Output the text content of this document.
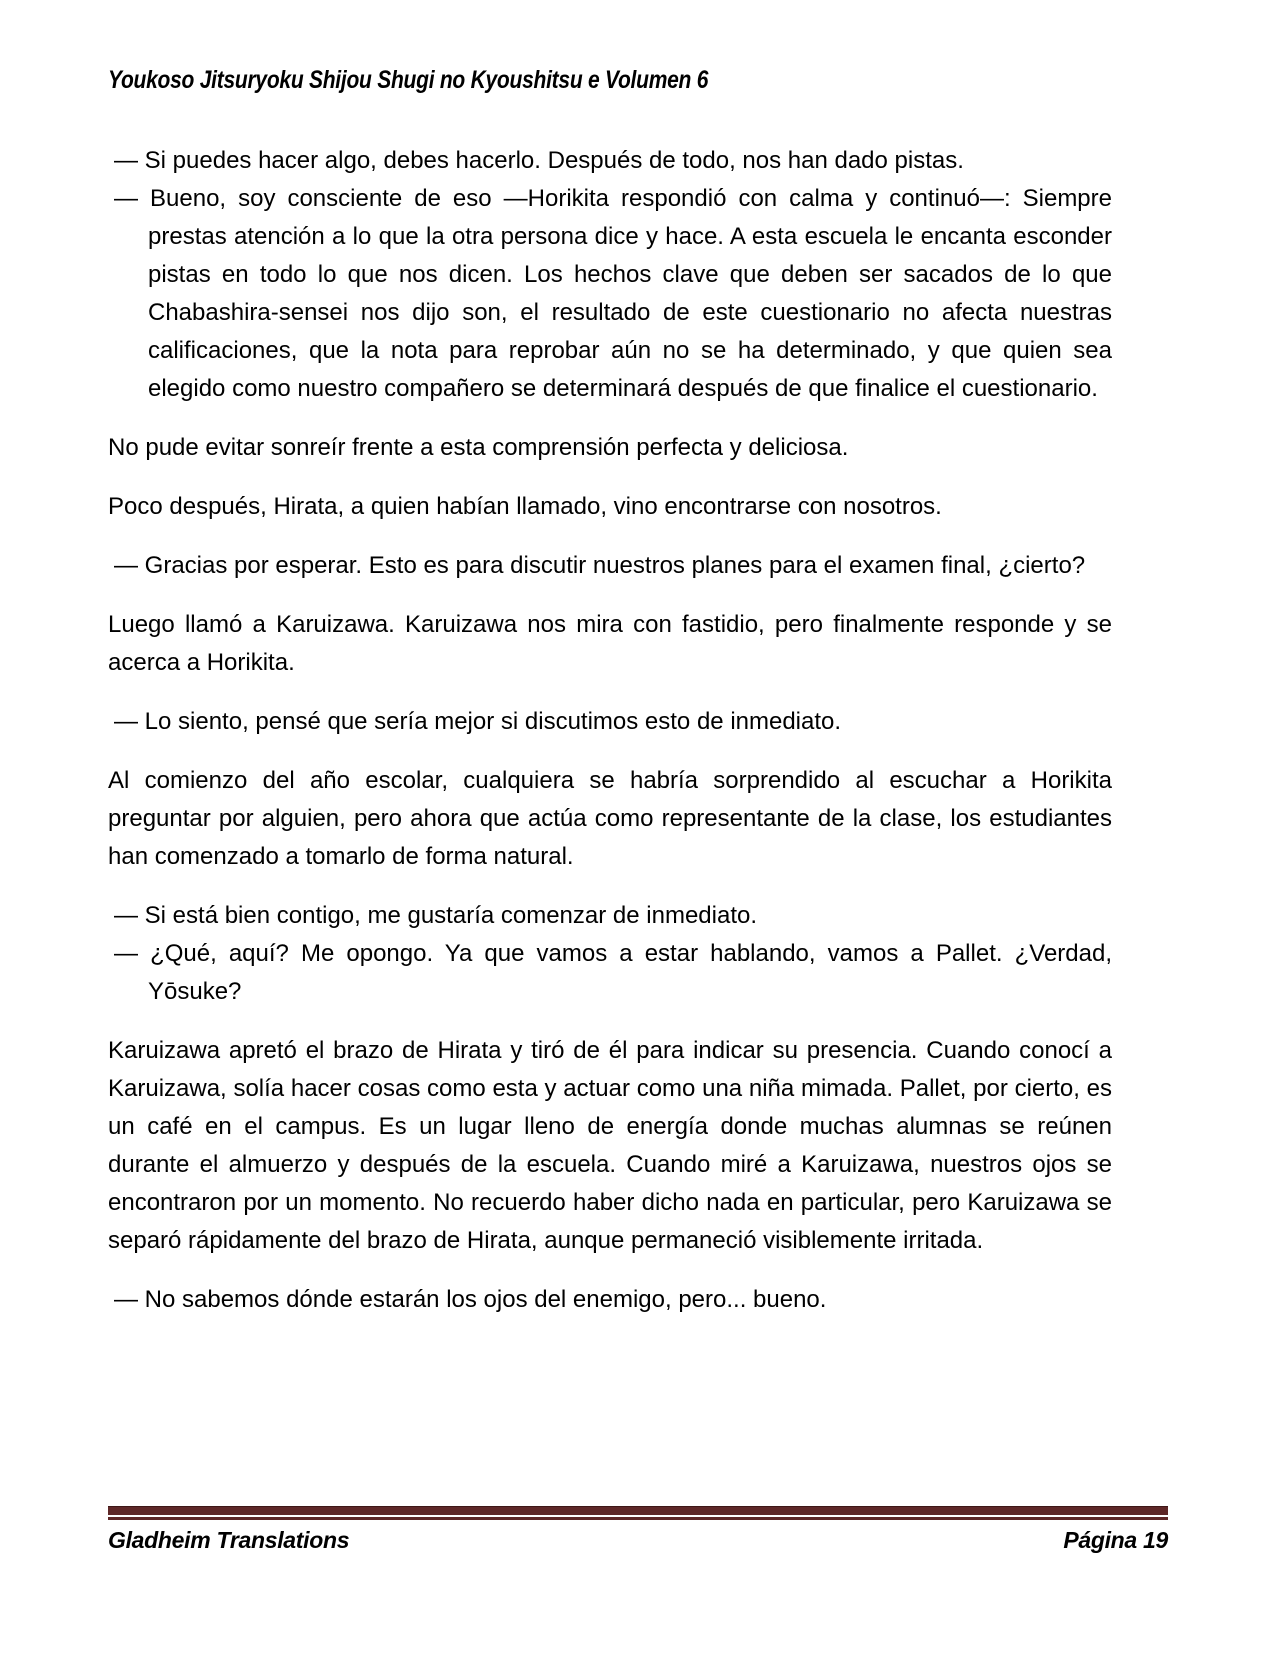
Youkoso Jitsuryoku Shijou Shugi no Kyoushitsu e Volumen 6

— Si puedes hacer algo, debes hacerlo. Después de todo, nos han dado pistas.

— Bueno, soy consciente de eso —Horikita respondió con calma y continuó—: Siempre prestas atención a lo que la otra persona dice y hace. A esta escuela le encanta esconder pistas en todo lo que nos dicen. Los hechos clave que deben ser sacados de lo que Chabashira-sensei nos dijo son, el resultado de este cuestionario no afecta nuestras calificaciones, que la nota para reprobar aún no se ha determinado, y que quien sea elegido como nuestro compañero se determinará después de que finalice el cuestionario.

No pude evitar sonreír frente a esta comprensión perfecta y deliciosa.

Poco después, Hirata, a quien habían llamado, vino encontrarse con nosotros.

— Gracias por esperar. Esto es para discutir nuestros planes para el examen final, ¿cierto?

Luego llamó a Karuizawa. Karuizawa nos mira con fastidio, pero finalmente responde y se acerca a Horikita.

— Lo siento, pensé que sería mejor si discutimos esto de inmediato.

Al comienzo del año escolar, cualquiera se habría sorprendido al escuchar a Horikita preguntar por alguien, pero ahora que actúa como representante de la clase, los estudiantes han comenzado a tomarlo de forma natural.

— Si está bien contigo, me gustaría comenzar de inmediato.

— ¿Qué, aquí? Me opongo. Ya que vamos a estar hablando, vamos a Pallet. ¿Verdad, Yōsuke?

Karuizawa apretó el brazo de Hirata y tiró de él para indicar su presencia. Cuando conocí a Karuizawa, solía hacer cosas como esta y actuar como una niña mimada. Pallet, por cierto, es un café en el campus. Es un lugar lleno de energía donde muchas alumnas se reúnen durante el almuerzo y después de la escuela. Cuando miré a Karuizawa, nuestros ojos se encontraron por un momento. No recuerdo haber dicho nada en particular, pero Karuizawa se separó rápidamente del brazo de Hirata, aunque permaneció visiblemente irritada.

— No sabemos dónde estarán los ojos del enemigo, pero... bueno.

Gladheim Translations	Página 19
